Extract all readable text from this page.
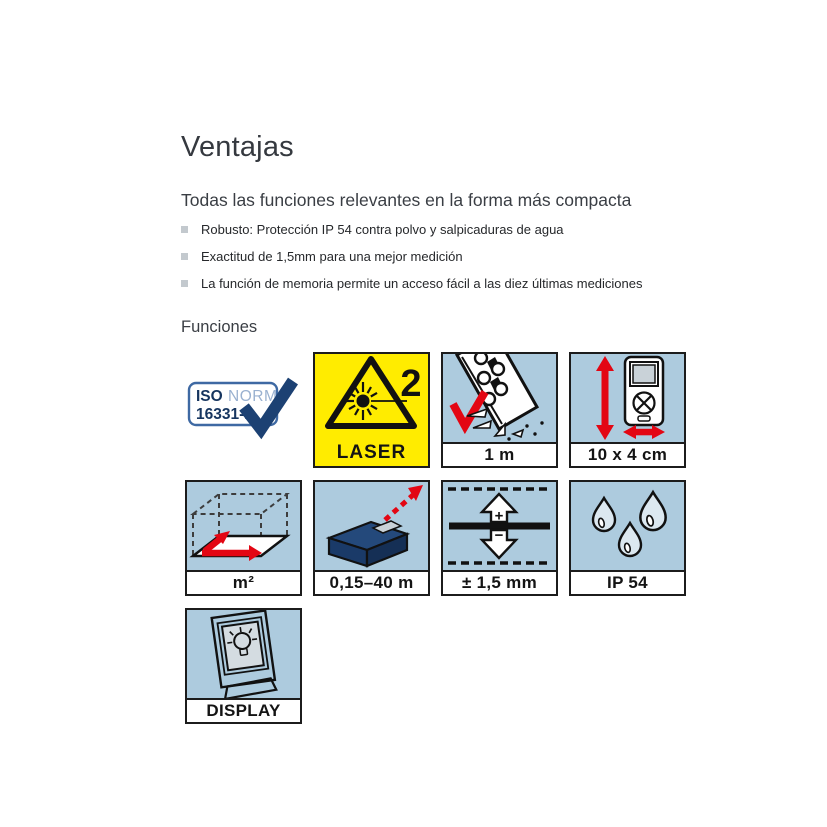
Ventajas

Todas las funciones relevantes en la forma más compacta

Robusto: Protección IP 54 contra polvo y salpicaduras de agua
Exactitud de 1,5mm para una mejor medición
La función de memoria permite un acceso fácil a las diez últimas mediciones
Funciones
ISO NORM
16331-1
2
LASER	1 m	10 x 4 cm
m²	0,15–40 m
+
−
± 1,5 mm	IP 54
DISPLAY
